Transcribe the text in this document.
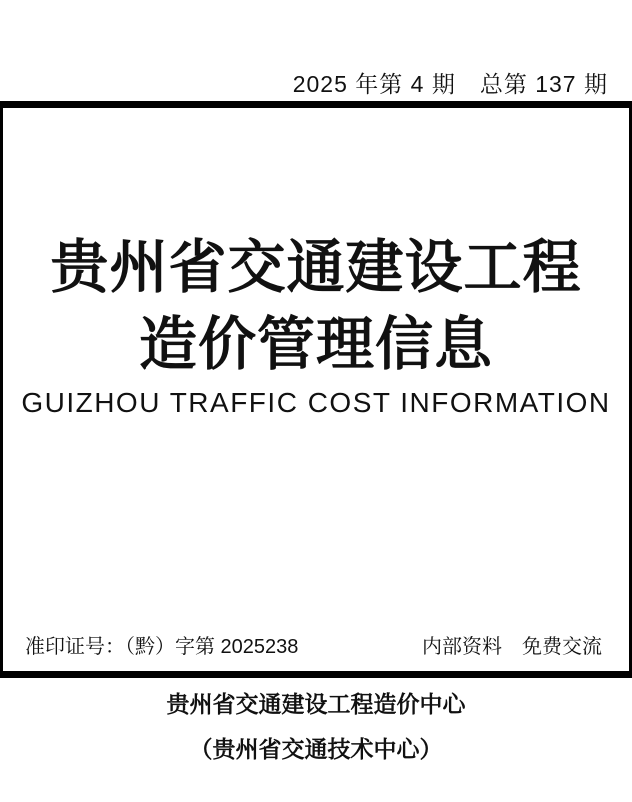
2025 年第 4 期　总第 137 期
贵州省交通建设工程
造价管理信息
GUIZHOU TRAFFIC COST INFORMATION
准印证号：（黔）字第 2025238	内部资料　免费交流
贵州省交通建设工程造价中心
（贵州省交通技术中心）
